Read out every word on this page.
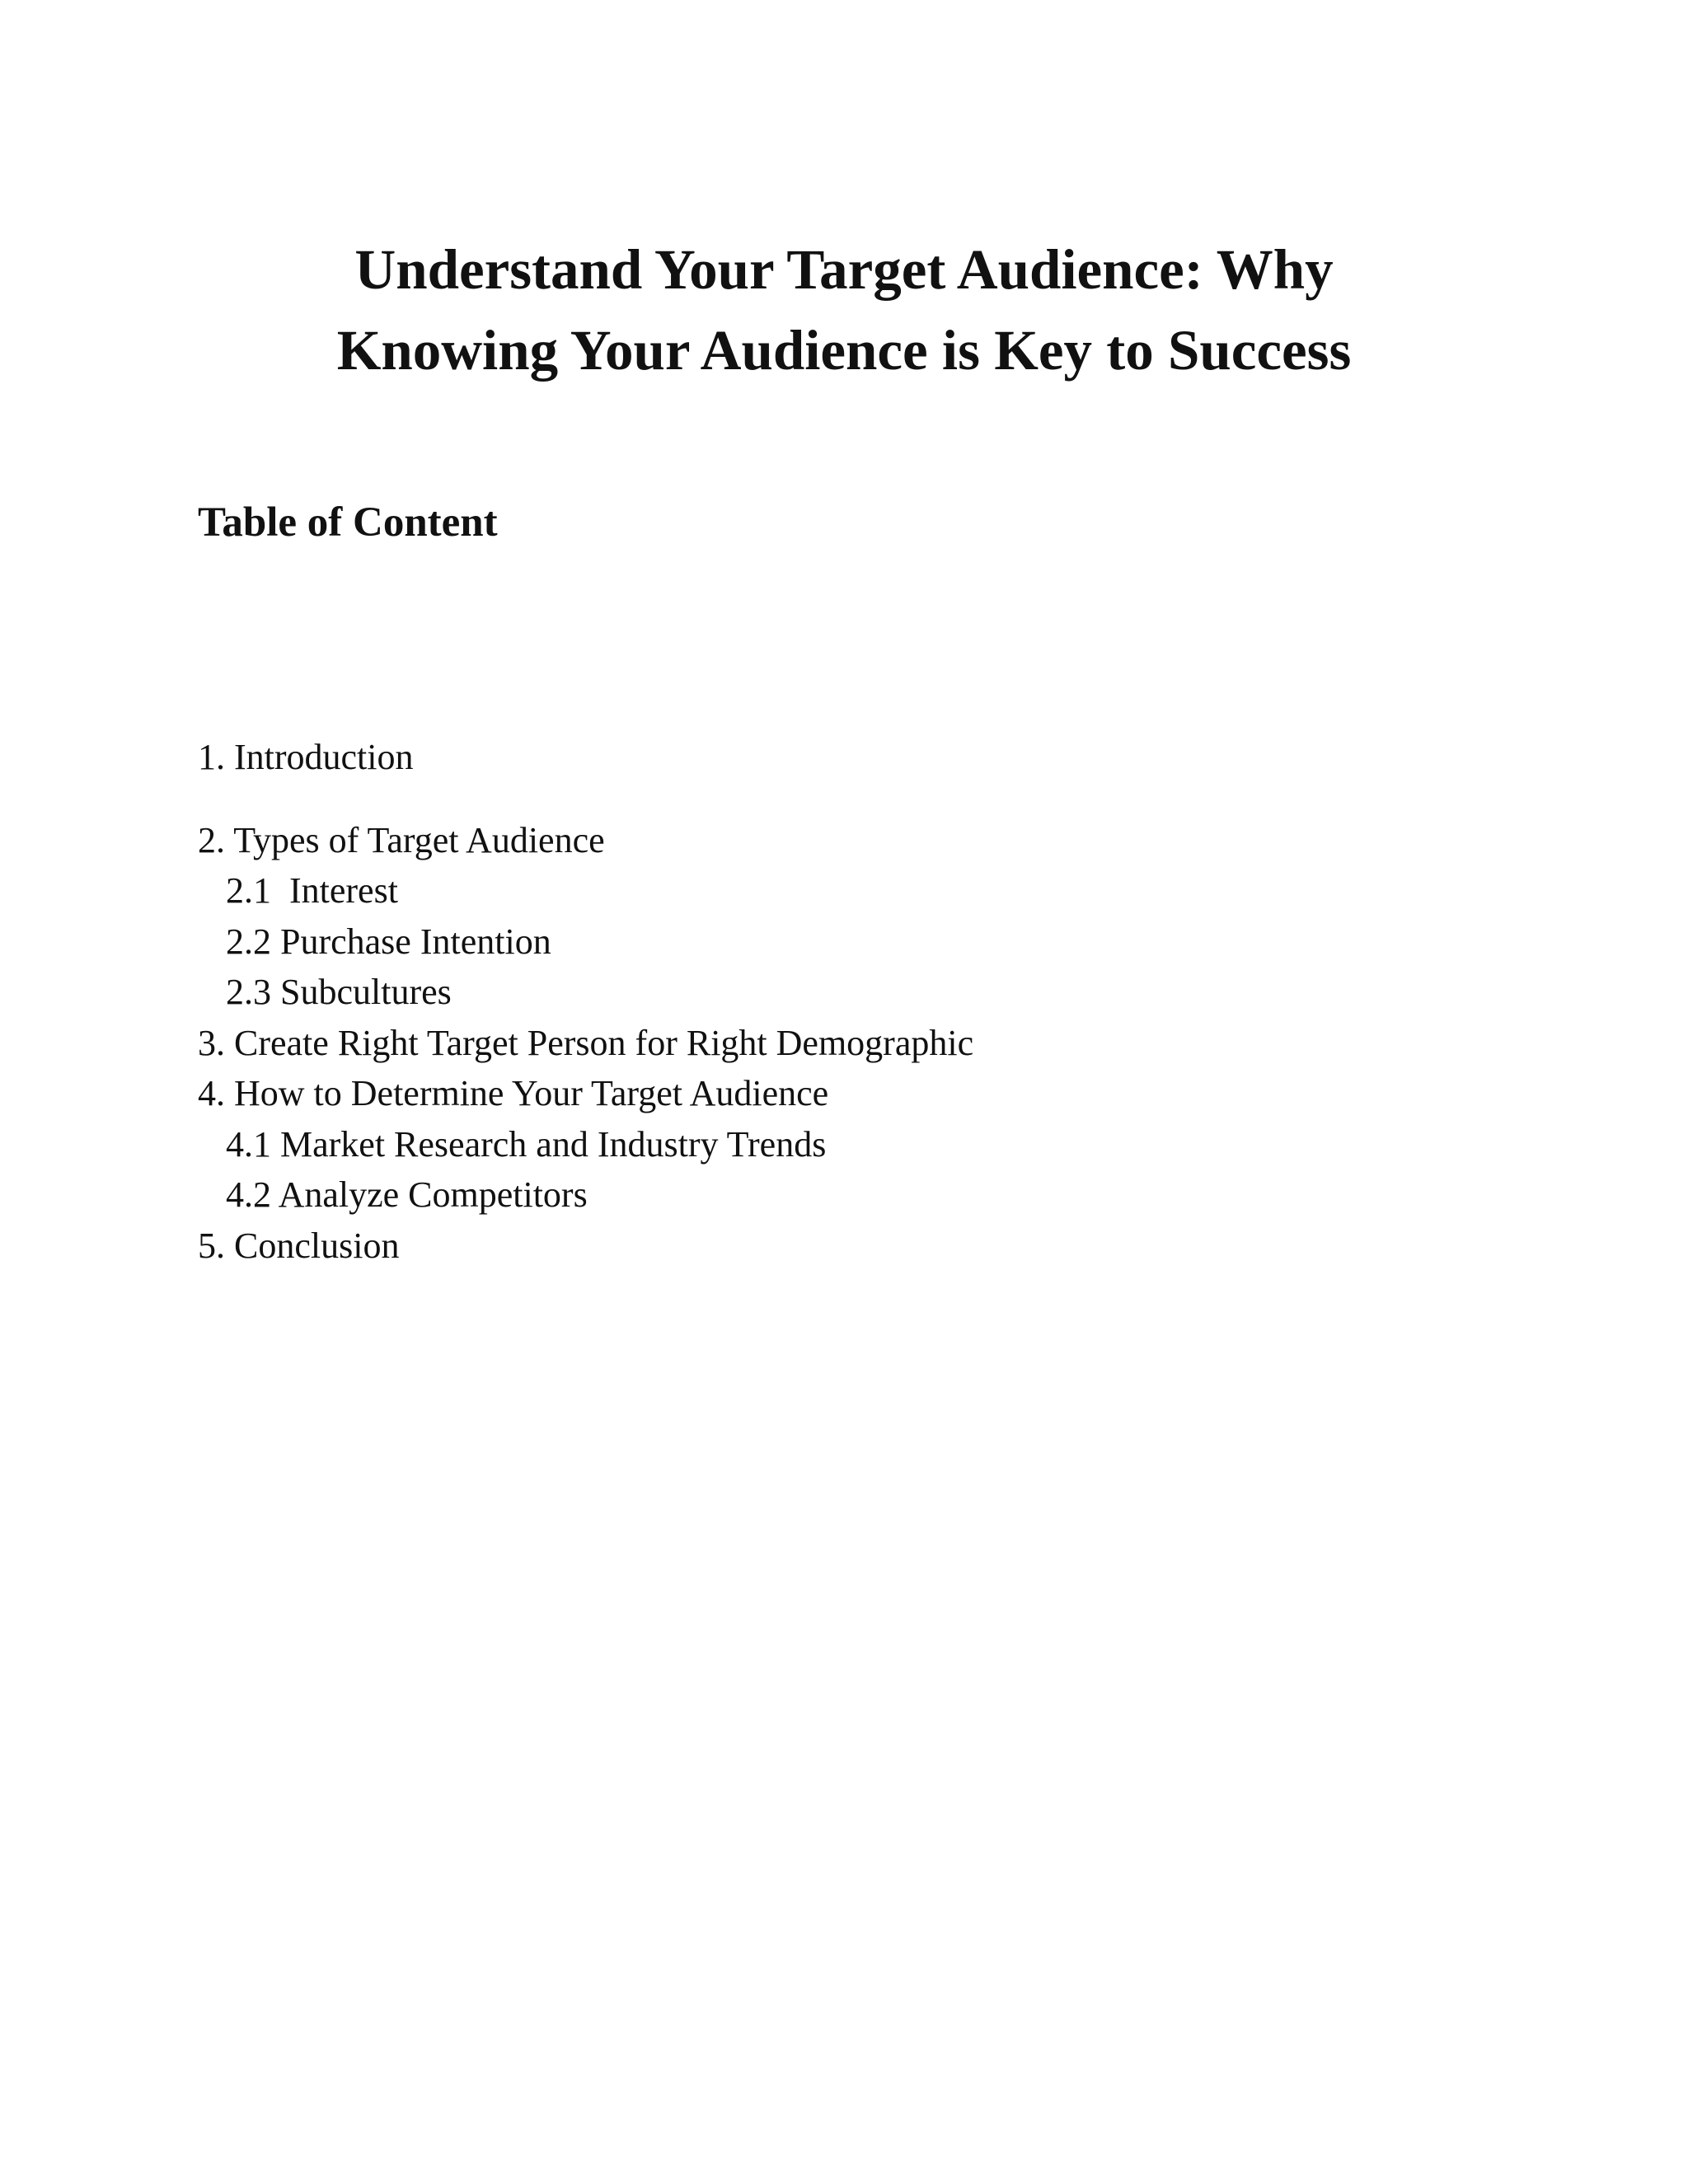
Understand Your Target Audience: Why
Knowing Your Audience is Key to Success
Table of Content
1. Introduction
2. Types of Target Audience
2.1  Interest
2.2 Purchase Intention
2.3 Subcultures
3. Create Right Target Person for Right Demographic
4. How to Determine Your Target Audience
4.1 Market Research and Industry Trends
4.2 Analyze Competitors
5. Conclusion
